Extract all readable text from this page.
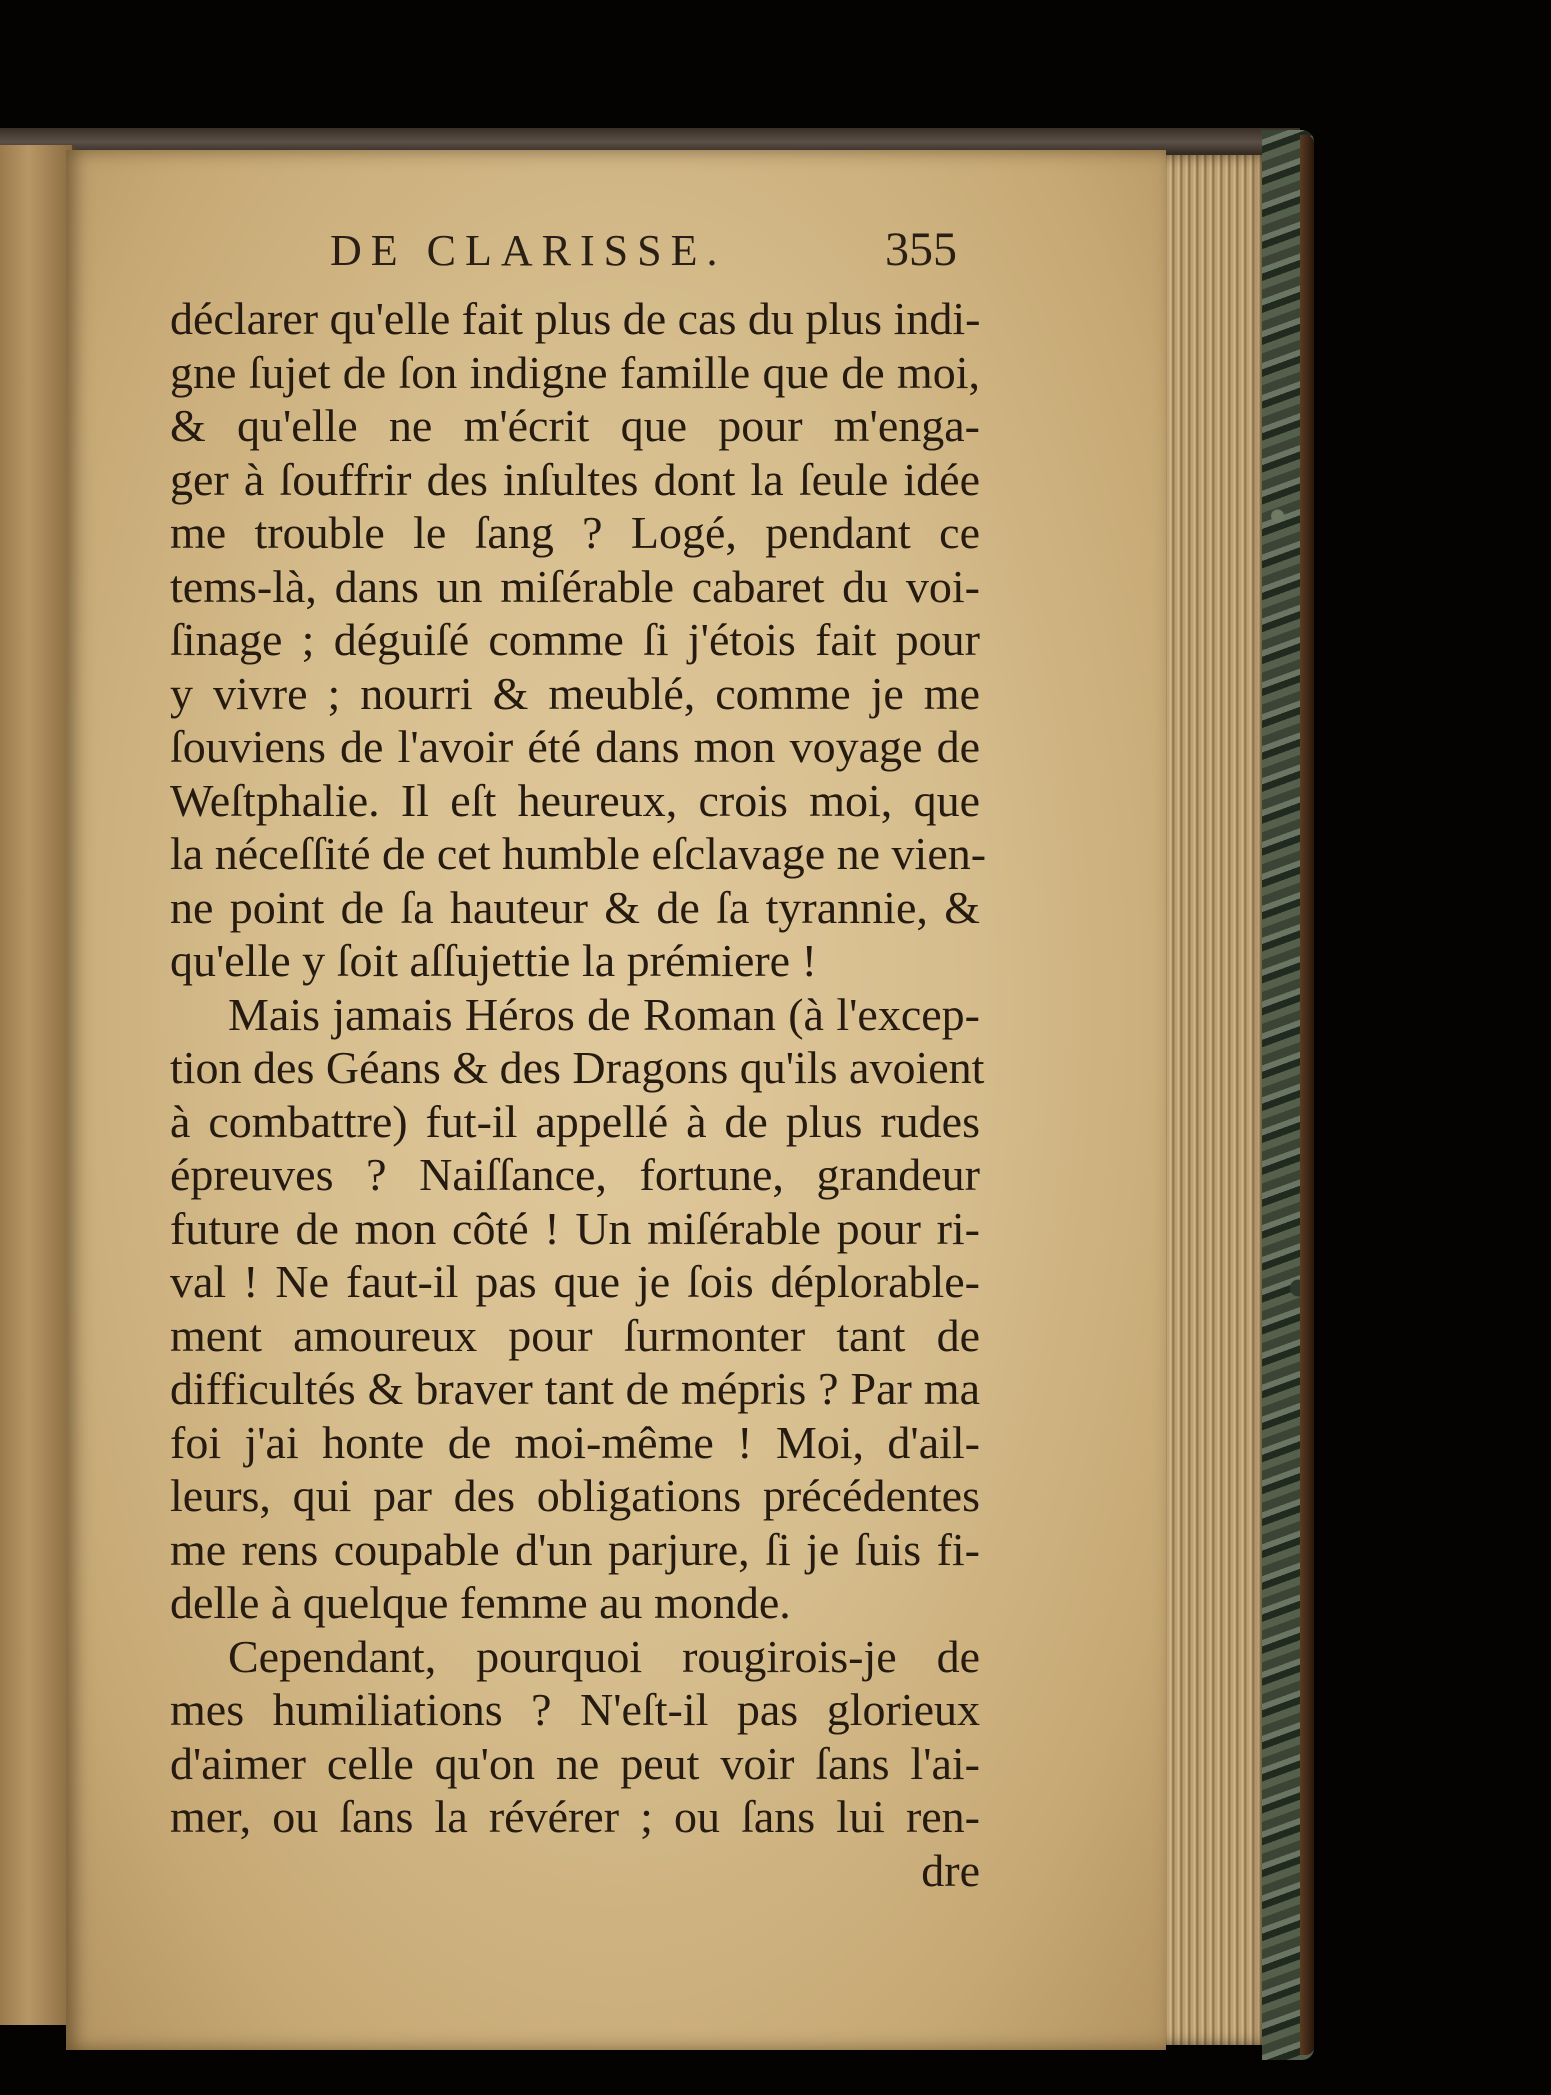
DE CLARISSE.	355
déclarer qu'elle fait plus de cas du plus indi-
gne ſujet de ſon indigne famille que de moi,
& qu'elle ne m'écrit que pour m'enga-
ger à ſouffrir des inſultes dont la ſeule idée
me trouble le ſang ? Logé, pendant ce
tems-là, dans un miſérable cabaret du voi-
ſinage ; déguiſé comme ſi j'étois fait pour
y vivre ; nourri & meublé, comme je me
ſouviens de l'avoir été dans mon voyage de
Weſtphalie. Il eſt heureux, crois moi, que
la néceſſité de cet humble eſclavage ne vien-
ne point de ſa hauteur & de ſa tyrannie, &
qu'elle y ſoit aſſujettie la prémiere !
Mais jamais Héros de Roman (à l'excep-
tion des Géans & des Dragons qu'ils avoient
à combattre) fut-il appellé à de plus rudes
épreuves ? Naiſſance, fortune, grandeur
future de mon côté ! Un miſérable pour ri-
val ! Ne faut-il pas que je ſois déplorable-
ment amoureux pour ſurmonter tant de
difficultés & braver tant de mépris ? Par ma
foi j'ai honte de moi-même ! Moi, d'ail-
leurs, qui par des obligations précédentes
me rens coupable d'un parjure, ſi je ſuis fi-
delle à quelque femme au monde.
Cependant, pourquoi rougirois-je de
mes humiliations ? N'eſt-il pas glorieux
d'aimer celle qu'on ne peut voir ſans l'ai-
mer, ou ſans la révérer ; ou ſans lui ren-
dre
